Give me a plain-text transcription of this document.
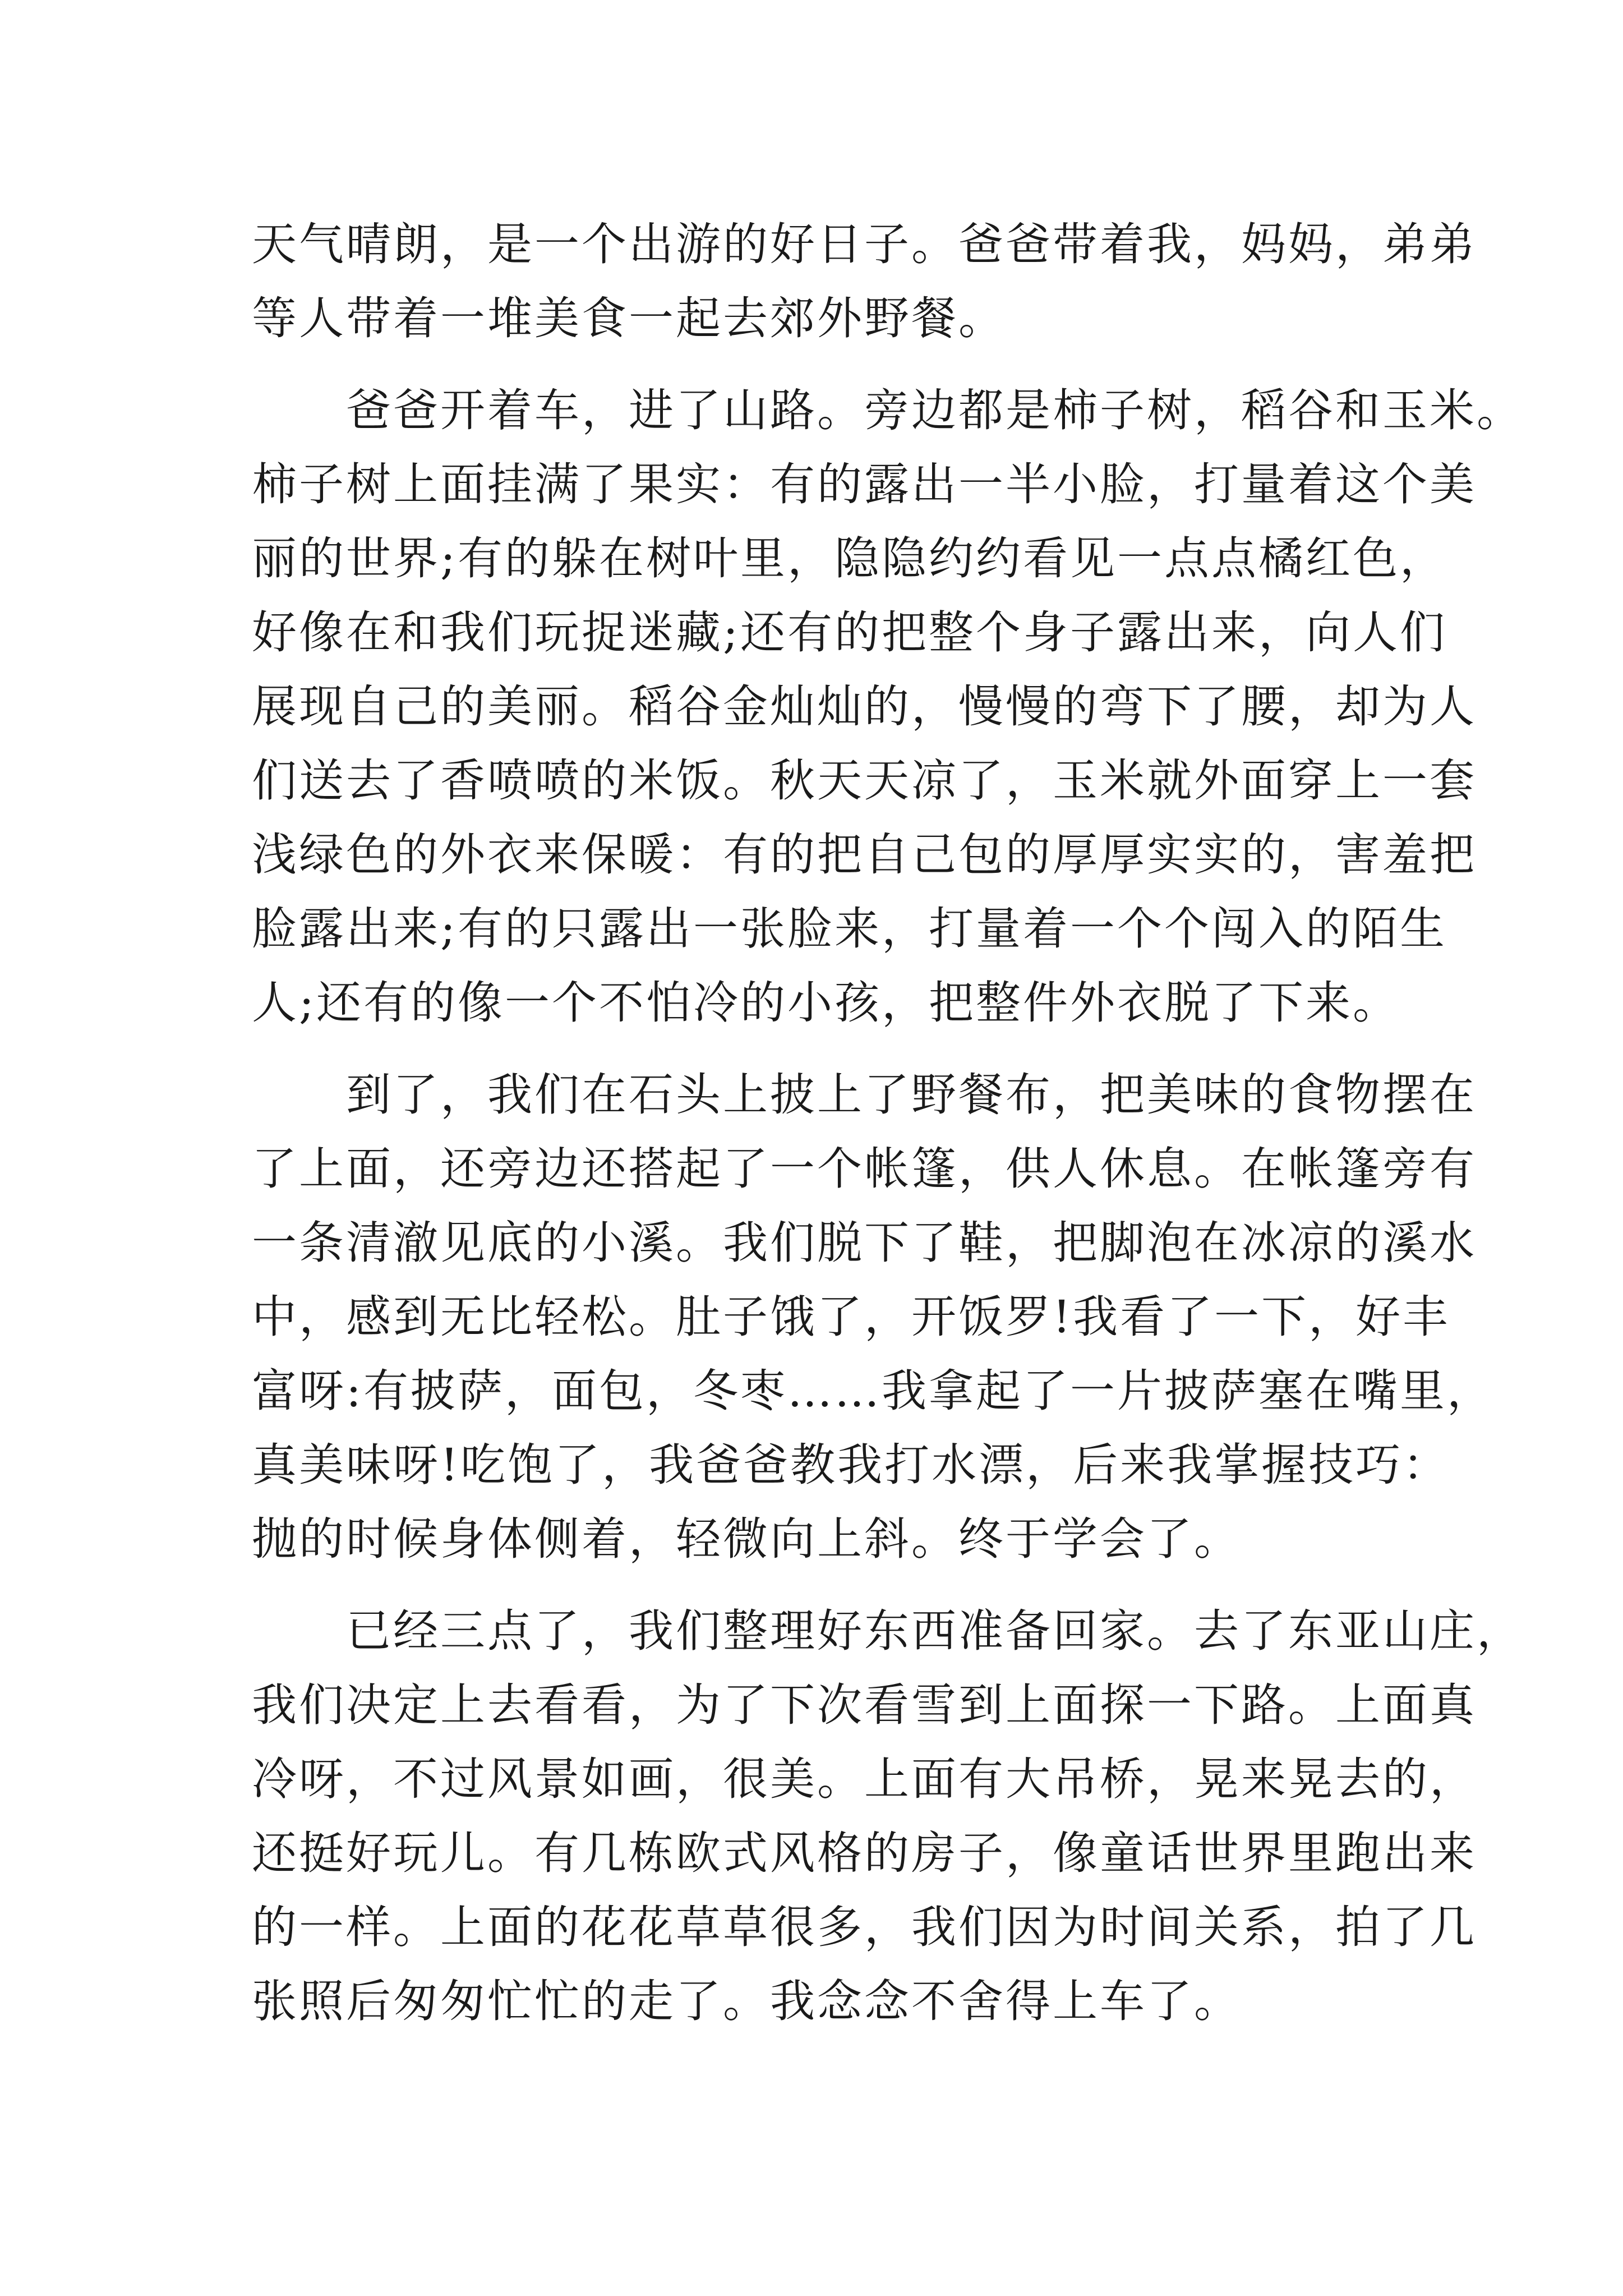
天气晴朗，是一个出游的好日子。爸爸带着我，妈妈，弟弟
等人带着一堆美食一起去郊外野餐。
　　爸爸开着车，进了山路。旁边都是柿子树，稻谷和玉米。
柿子树上面挂满了果实：有的露出一半小脸，打量着这个美
丽的世界;有的躲在树叶里，隐隐约约看见一点点橘红色，
好像在和我们玩捉迷藏;还有的把整个身子露出来，向人们
展现自己的美丽。稻谷金灿灿的，慢慢的弯下了腰，却为人
们送去了香喷喷的米饭。秋天天凉了，玉米就外面穿上一套
浅绿色的外衣来保暖：有的把自己包的厚厚实实的，害羞把
脸露出来;有的只露出一张脸来，打量着一个个闯入的陌生
人;还有的像一个不怕冷的小孩，把整件外衣脱了下来。
　　到了，我们在石头上披上了野餐布，把美味的食物摆在
了上面，还旁边还搭起了一个帐篷，供人休息。在帐篷旁有
一条清澈见底的小溪。我们脱下了鞋，把脚泡在冰凉的溪水
中，感到无比轻松。肚子饿了，开饭罗!我看了一下，好丰
富呀:有披萨，面包，冬枣……我拿起了一片披萨塞在嘴里，
真美味呀!吃饱了，我爸爸教我打水漂，后来我掌握技巧：
抛的时候身体侧着，轻微向上斜。终于学会了。
　　已经三点了，我们整理好东西准备回家。去了东亚山庄，
我们决定上去看看，为了下次看雪到上面探一下路。上面真
冷呀，不过风景如画，很美。上面有大吊桥，晃来晃去的，
还挺好玩儿。有几栋欧式风格的房子，像童话世界里跑出来
的一样。上面的花花草草很多，我们因为时间关系，拍了几
张照后匆匆忙忙的走了。我念念不舍得上车了。
